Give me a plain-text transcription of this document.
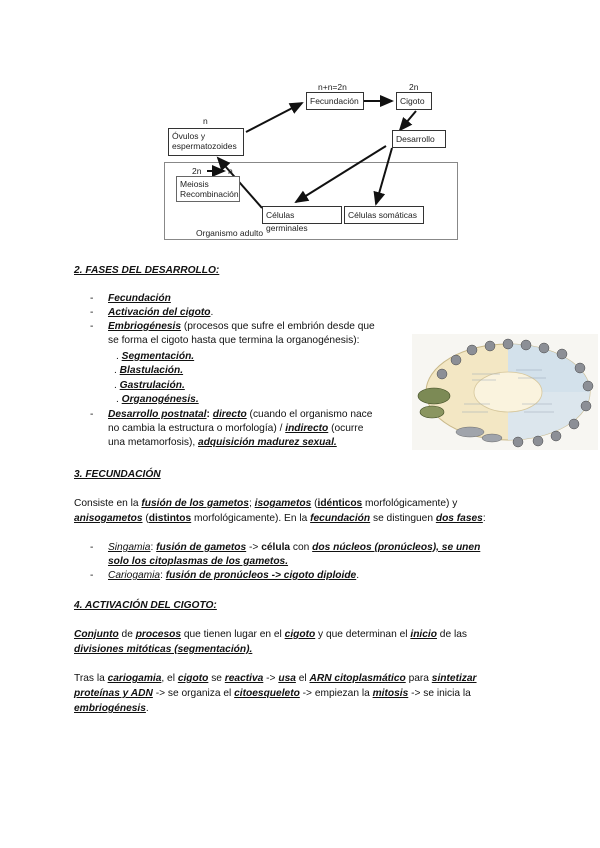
n
n+n=2n	2n
Fecundación	Cigoto
Óvulos y espermatozoides
Desarrollo
2n	n
Meiosis
Recombinación
Células germinales
Células somáticas
Organismo adulto
2. FASES DEL DESARROLLO:
- Fecundación
- Activación del cigoto.
- Embriogénesis (procesos que sufre el embrión desde que
se forma el cigoto hasta que termina la organogénesis):
. Segmentación.
. Blastulación.
. Gastrulación.
. Organogénesis.
- Desarrollo postnatal: directo (cuando el organismo nace
no cambia la estructura o morfología) / indirecto (ocurre
una metamorfosis), adquisición madurez sexual.
3. FECUNDACIÓN
Consiste en la fusión de los gametos; isogametos (idénticos morfológicamente) y
anisogametos (distintos morfológicamente). En la fecundación se distinguen dos fases:
- Singamia: fusión de gametos -> célula con dos núcleos (pronúcleos), se unen
solo los citoplasmas de los gametos.
- Cariogamia: fusión de pronúcleos -> cigoto diploide.
4. ACTIVACIÓN DEL CIGOTO:
Conjunto de procesos que tienen lugar en el cigoto y que determinan el inicio de las
divisiones mitóticas (segmentación).
Tras la cariogamia, el cigoto se reactiva -> usa el ARN citoplasmático para sintetizar
proteínas y ADN -> se organiza el citoesqueleto -> empiezan la mitosis -> se inicia la
embriogénesis.
